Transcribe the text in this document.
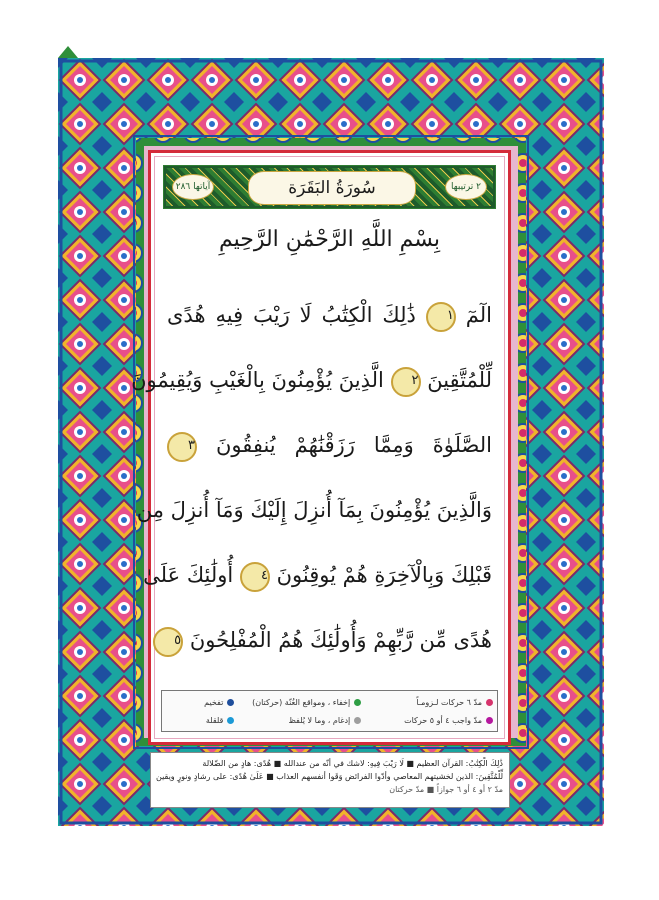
آياتها ٢٨٦	سُورَةُ البَقَرَة	٢ ترتيبها
بِسْمِ اللَّهِ الرَّحْمَٰنِ الرَّحِيمِ
الٓمٓ ١ ذَٰلِكَ الْكِتَٰبُ لَا رَيْبَ فِيهِ هُدًى
لِّلْمُتَّقِينَ ٢ الَّذِينَ يُؤْمِنُونَ بِالْغَيْبِ وَيُقِيمُونَ
الصَّلَوٰةَ وَمِمَّا رَزَقْنَٰهُمْ يُنفِقُونَ ٣
وَالَّذِينَ يُؤْمِنُونَ بِمَآ أُنزِلَ إِلَيْكَ وَمَآ أُنزِلَ مِن
قَبْلِكَ وَبِالْآخِرَةِ هُمْ يُوقِنُونَ ٤ أُولَٰئِكَ عَلَىٰ
هُدًى مِّن رَّبِّهِمْ وَأُولَٰئِكَ هُمُ الْمُفْلِحُونَ ٥
مدّ ٦ حركات لـزومـاً
إخفاء ، ومواقع الغُنّة (حركتان)
تفخيم
مدّ واجب ٤ أو ٥ حركات
إدغام ، وما لا يُلفظ
قلقلة
ذَٰلِكَ الْكِتَٰبُ: القرآن العظيم ■ لَا رَيْبَ فِيهِ: لاشك في أنّه من عندالله ■ هُدًى: هادٍ من الضّلالة
لِّلْمُتَّقِينَ: الذين لخشيتهم المعاصي وأدّوا الفرائض وَقَوا أنفسهم العذاب ■ عَلَىٰ هُدًى: على رشادٍ ونورٍ ويقين
مدّ ٢ أو ٤ أو ٦ جوازاً ■ مدّ حركتان
